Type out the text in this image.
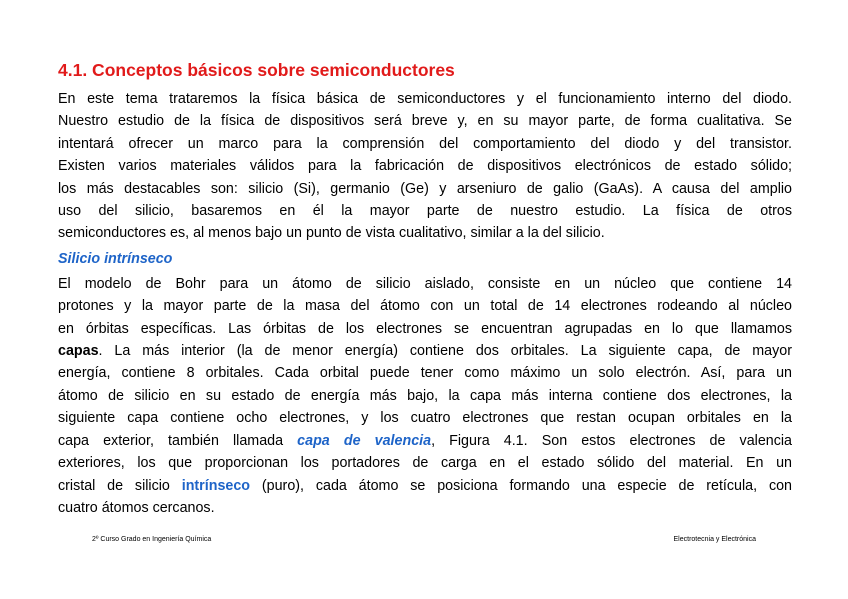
4.1. Conceptos básicos sobre semiconductores

En este tema trataremos la física básica de semiconductores y el funcionamiento interno del diodo.
Nuestro estudio de la física de dispositivos será breve y, en su mayor parte, de forma cualitativa. Se
intentará ofrecer un marco para la comprensión del comportamiento del diodo y del transistor.
Existen varios materiales válidos para la fabricación de dispositivos electrónicos de estado sólido;
los más destacables son: silicio (Si), germanio (Ge) y arseniuro de galio (GaAs). A causa del amplio
uso del silicio, basaremos en él la mayor parte de nuestro estudio. La física de otros
semiconductores es, al menos bajo un punto de vista cualitativo, similar a la del silicio.

Silicio intrínseco

El modelo de Bohr para un átomo de silicio aislado, consiste en un núcleo que contiene 14
protones y la mayor parte de la masa del átomo con un total de 14 electrones rodeando al núcleo
en órbitas específicas. Las órbitas de los electrones se encuentran agrupadas en lo que llamamos
capas. La más interior (la de menor energía) contiene dos orbitales. La siguiente capa, de mayor
energía, contiene 8 orbitales. Cada orbital puede tener como máximo un solo electrón. Así, para un
átomo de silicio en su estado de energía más bajo, la capa más interna contiene dos electrones, la
siguiente capa contiene ocho electrones, y los cuatro electrones que restan ocupan orbitales en la
capa exterior, también llamada capa de valencia, Figura 4.1. Son estos electrones de valencia
exteriores, los que proporcionan los portadores de carga en el estado sólido del material. En un
cristal de silicio intrínseco (puro), cada átomo se posiciona formando una especie de retícula, con
cuatro átomos cercanos.

2º Curso Grado en Ingeniería Química	Electrotecnia y Electrónica
